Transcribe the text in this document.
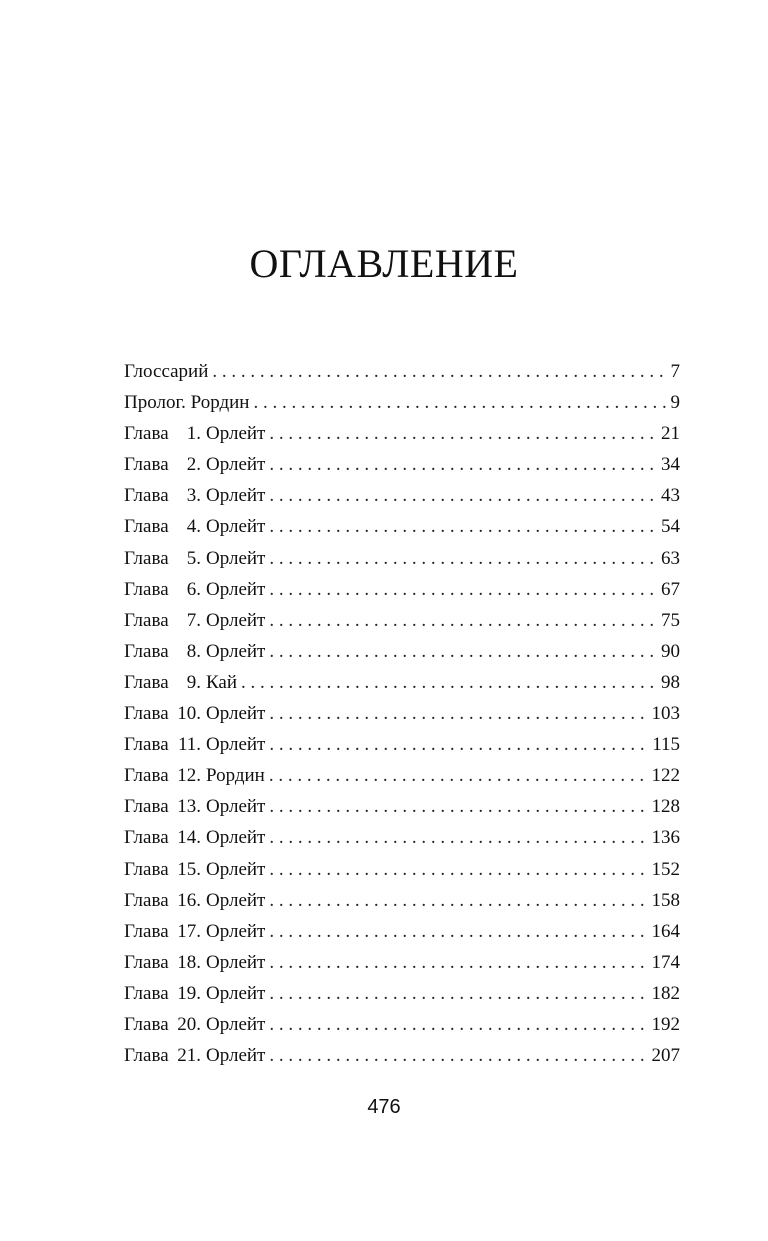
ОГЛАВЛЕНИЕ
Глоссарий . . .	7
Пролог. Рордин . . .	9
Глава 1. Орлейт . . .	21
Глава 2. Орлейт . . .	34
Глава 3. Орлейт . . .	43
Глава 4. Орлейт . . .	54
Глава 5. Орлейт . . .	63
Глава 6. Орлейт . . .	67
Глава 7. Орлейт . . .	75
Глава 8. Орлейт . . .	90
Глава 9. Кай . . .	98
Глава 10. Орлейт . . .	103
Глава 11. Орлейт . . .	115
Глава 12. Рордин . . .	122
Глава 13. Орлейт . . .	128
Глава 14. Орлейт . . .	136
Глава 15. Орлейт . . .	152
Глава 16. Орлейт . . .	158
Глава 17. Орлейт . . .	164
Глава 18. Орлейт . . .	174
Глава 19. Орлейт . . .	182
Глава 20. Орлейт . . .	192
Глава 21. Орлейт . . .	207
476
